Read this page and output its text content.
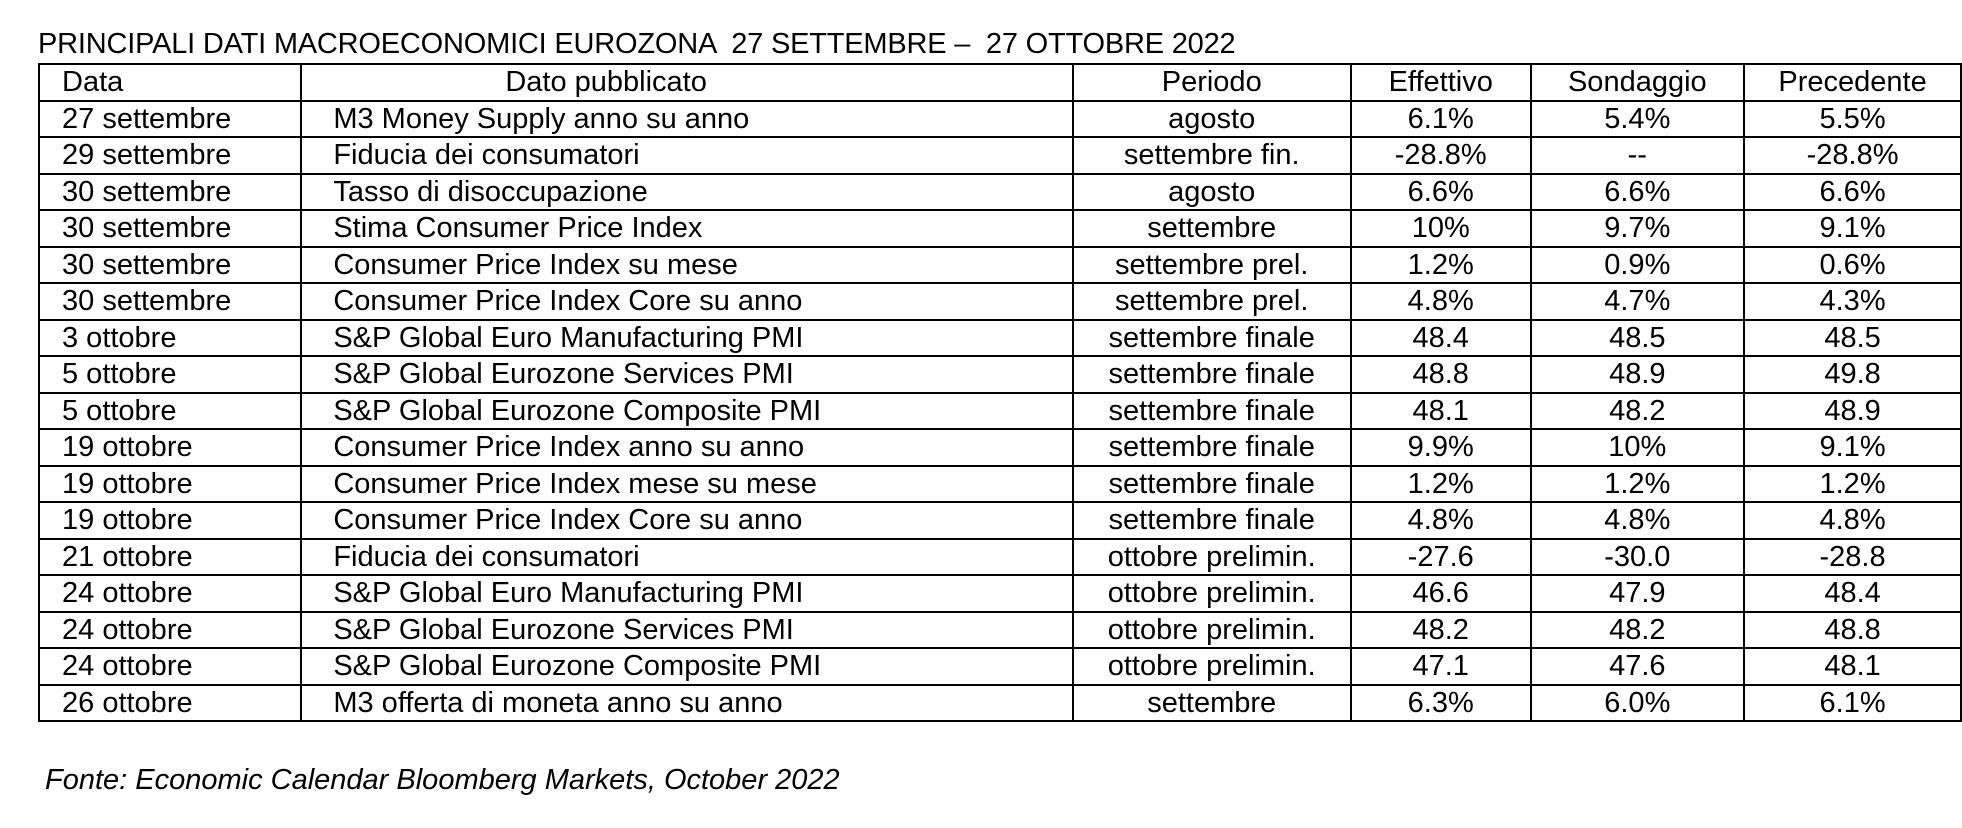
PRINCIPALI DATI MACROECONOMICI EUROZONA  27 SETTEMBRE –  27 OTTOBRE 2022
Data	Dato pubblicato	Periodo	Effettivo	Sondaggio	Precedente
27 settembre	M3 Money Supply anno su anno	agosto	6.1%	5.4%	5.5%
29 settembre	Fiducia dei consumatori	settembre fin.	-28.8%	--	-28.8%
30 settembre	Tasso di disoccupazione	agosto	6.6%	6.6%	6.6%
30 settembre	Stima Consumer Price Index	settembre	10%	9.7%	9.1%
30 settembre	Consumer Price Index su mese	settembre prel.	1.2%	0.9%	0.6%
30 settembre	Consumer Price Index Core su anno	settembre prel.	4.8%	4.7%	4.3%
3 ottobre	S&P Global Euro Manufacturing PMI	settembre finale	48.4	48.5	48.5
5 ottobre	S&P Global Eurozone Services PMI	settembre finale	48.8	48.9	49.8
5 ottobre	S&P Global Eurozone Composite PMI	settembre finale	48.1	48.2	48.9
19 ottobre	Consumer Price Index anno su anno	settembre finale	9.9%	10%	9.1%
19 ottobre	Consumer Price Index mese su mese	settembre finale	1.2%	1.2%	1.2%
19 ottobre	Consumer Price Index Core su anno	settembre finale	4.8%	4.8%	4.8%
21 ottobre	Fiducia dei consumatori	ottobre prelimin.	-27.6	-30.0	-28.8
24 ottobre	S&P Global Euro Manufacturing PMI	ottobre prelimin.	46.6	47.9	48.4
24 ottobre	S&P Global Eurozone Services PMI	ottobre prelimin.	48.2	48.2	48.8
24 ottobre	S&P Global Eurozone Composite PMI	ottobre prelimin.	47.1	47.6	48.1
26 ottobre	M3 offerta di moneta anno su anno	settembre	6.3%	6.0%	6.1%
Fonte: Economic Calendar Bloomberg Markets, October 2022
